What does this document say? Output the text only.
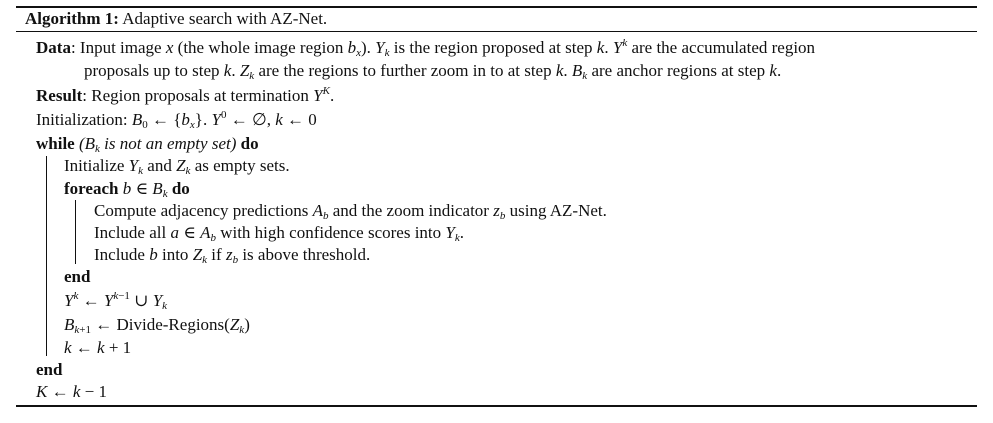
Algorithm 1: Adaptive search with AZ-Net.
Data: Input image x (the whole image region $b_x$). $Y_k$ is the region proposed at step k. $Y^k$ are the accumulated region
proposals up to step k. $Z_k$ are the regions to further zoom in to at step k. $B_k$ are anchor regions at step k.
Result: Region proposals at termination $Y^K$.
Initialization: $B_0$ ← $\{b_x\}$. $Y^0$ ← ∅, k ← 0
while ($B_k$ is not an empty set) do
Initialize $Y_k$ and $Z_k$ as empty sets.
foreach b ∈ $B_k$ do
Compute adjacency predictions $A_b$ and the zoom indicator $z_b$ using AZ-Net.
Include all a ∈ $A_b$ with high confidence scores into $Y_k$.
Include b into $Z_k$ if $z_b$ is above threshold.
end
$Y^k$ ← $Y^{k-1}$ ∪ $Y_k$
$B_{k+1}$ ← Divide-$Regions(Z_k)$
k ← k + 1
end
K ← k − 1
